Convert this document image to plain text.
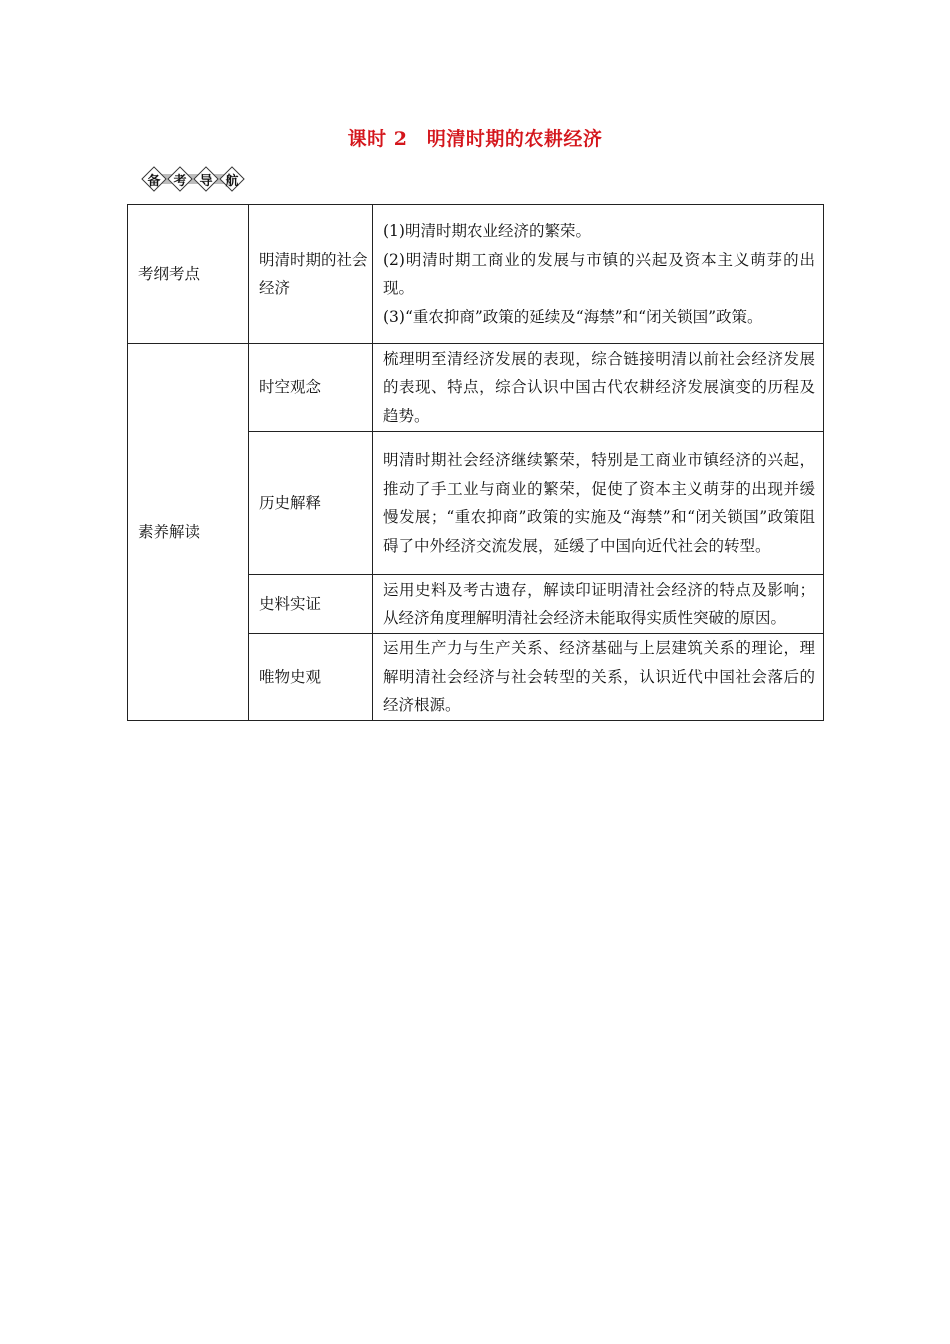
课时 2　明清时期的农耕经济
备 考 导 航
考纲考点	明清时期的社会经济	(1)明清时期农业经济的繁荣。

(2)明清时期工商业的发展与市镇的兴起及资本主义萌芽的出现。

(3)“重农抑商”政策的延续及“海禁”和“闭关锁国”政策。

素养解读	时空观念	梳理明至清经济发展的表现，综合链接明清以前社会经济发展的表现、特点，综合认识中国古代农耕经济发展演变的历程及趋势。

	历史解释	明清时期社会经济继续繁荣，特别是工商业市镇经济的兴起，推动了手工业与商业的繁荣，促使了资本主义萌芽的出现并缓慢发展；“重农抑商”政策的实施及“海禁”和“闭关锁国”政策阻碍了中外经济交流发展，延缓了中国向近代社会的转型。

	史料实证	运用史料及考古遗存，解读印证明清社会经济的特点及影响；从经济角度理解明清社会经济未能取得实质性突破的原因。

	唯物史观	运用生产力与生产关系、经济基础与上层建筑关系的理论，理解明清社会经济与社会转型的关系，认识近代中国社会落后的经济根源。
